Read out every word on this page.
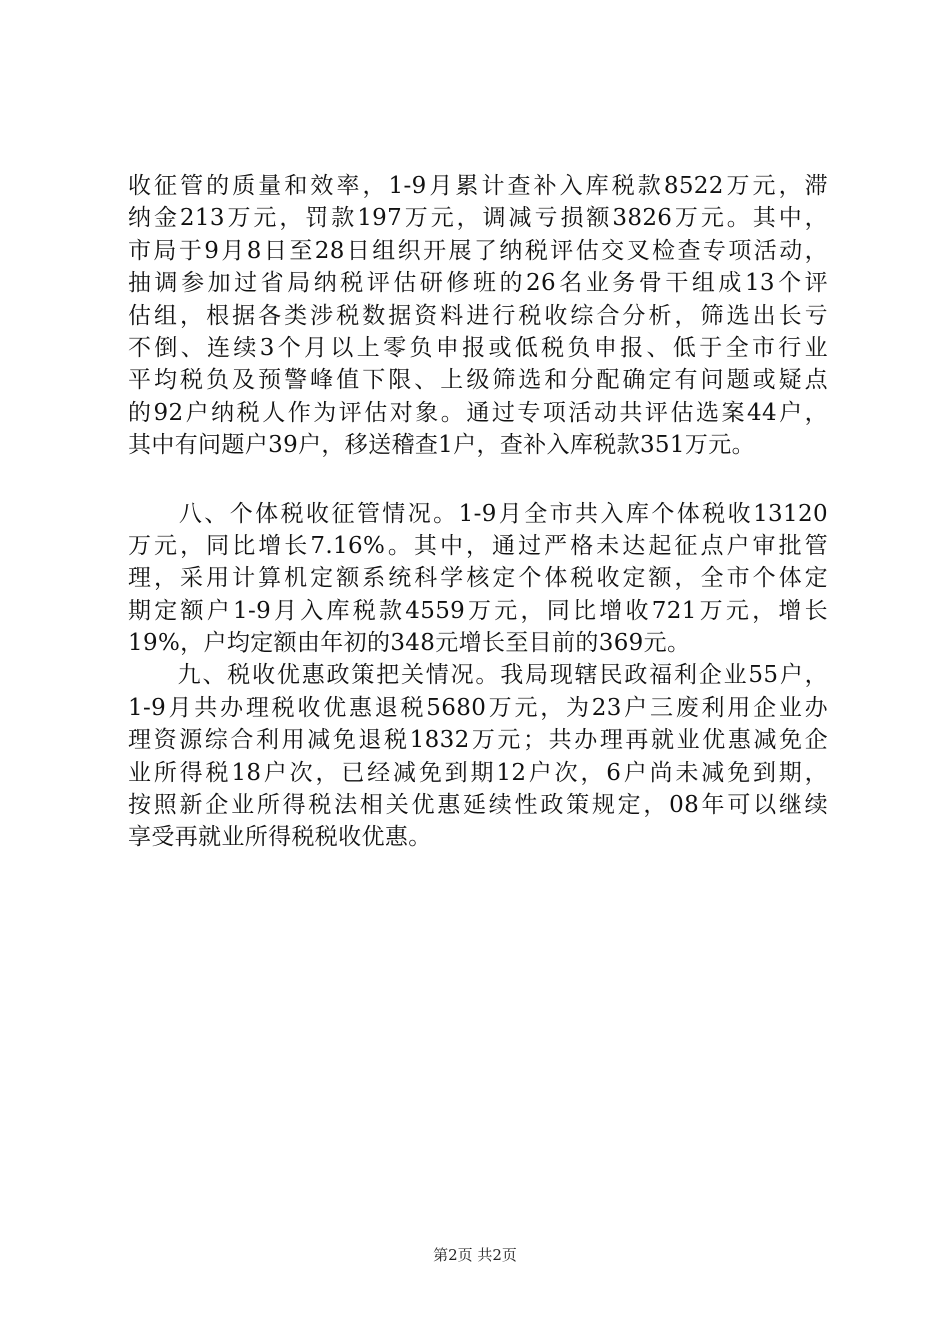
收征管的质量和效率，1-9月累计查补入库税款8522万元，滞
纳金213万元，罚款197万元，调减亏损额3826万元。其中，
市局于9月8日至28日组织开展了纳税评估交叉检查专项活动，
抽调参加过省局纳税评估研修班的26名业务骨干组成13个评
估组，根据各类涉税数据资料进行税收综合分析，筛选出长亏
不倒、连续3个月以上零负申报或低税负申报、低于全市行业
平均税负及预警峰值下限、上级筛选和分配确定有问题或疑点
的92户纳税人作为评估对象。通过专项活动共评估选案44户，
其中有问题户39户，移送稽查1户，查补入库税款351万元。
　　八、个体税收征管情况。1-9月全市共入库个体税收13120
万元，同比增长7.16%。其中，通过严格未达起征点户审批管
理，采用计算机定额系统科学核定个体税收定额，全市个体定
期定额户1-9月入库税款4559万元，同比增收721万元，增长
19%，户均定额由年初的348元增长至目前的369元。
　　九、税收优惠政策把关情况。我局现辖民政福利企业55户，
1-9月共办理税收优惠退税5680万元，为23户三废利用企业办
理资源综合利用减免退税1832万元；共办理再就业优惠减免企
业所得税18户次，已经减免到期12户次，6户尚未减免到期，
按照新企业所得税法相关优惠延续性政策规定，08年可以继续
享受再就业所得税税收优惠。
第2页 共2页
